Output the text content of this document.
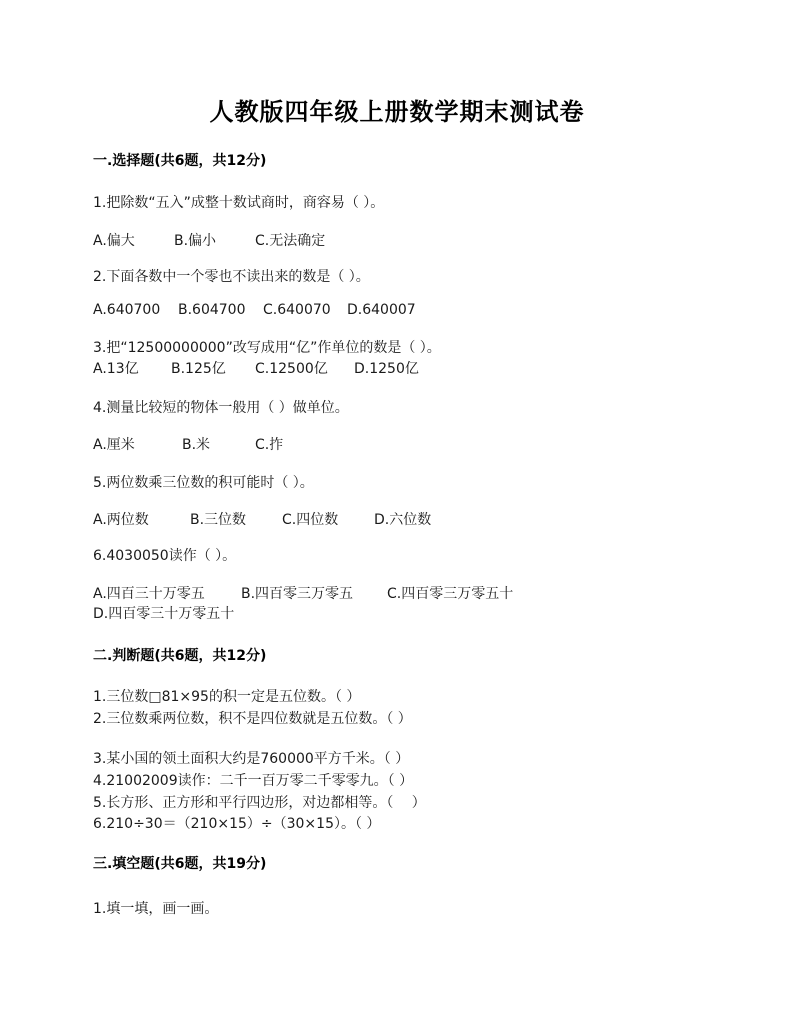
人教版四年级上册数学期末测试卷
一.选择题(共6题，共12分)
1.把除数“五入”成整十数试商时，商容易（ ）。
A.偏大	B.偏小	C.无法确定
2.下面各数中一个零也不读出来的数是（ ）。
A.640700 B.604700 C.640070 D.640007
3.把“12500000000”改写成用“亿”作单位的数是（ ）。
A.13亿 B.125亿 C.12500亿 D.1250亿
4.测量比较短的物体一般用（ ）做单位。
A.厘米	B.米	C.拃
5.两位数乘三位数的积可能时（ ）。
A.两位数	B.三位数	C.四位数	D.六位数
6.4030050读作（ ）。
A.四百三十万零五	B.四百零三万零五 C.四百零三万零五十
D.四百零三十万零五十
二.判断题(共6题，共12分)
1.三位数□81×95的积一定是五位数。（ ）
2.三位数乘两位数，积不是四位数就是五位数。（ ）
3.某小国的领土面积大约是760000平方千米。（ ）
4.21002009读作：二千一百万零二千零零九。（ ）
5.长方形、正方形和平行四边形，对边都相等。（　 ）
6.210÷30＝（210×15）÷（30×15）。（ ）
三.填空题(共6题，共19分)
1.填一填，画一画。
